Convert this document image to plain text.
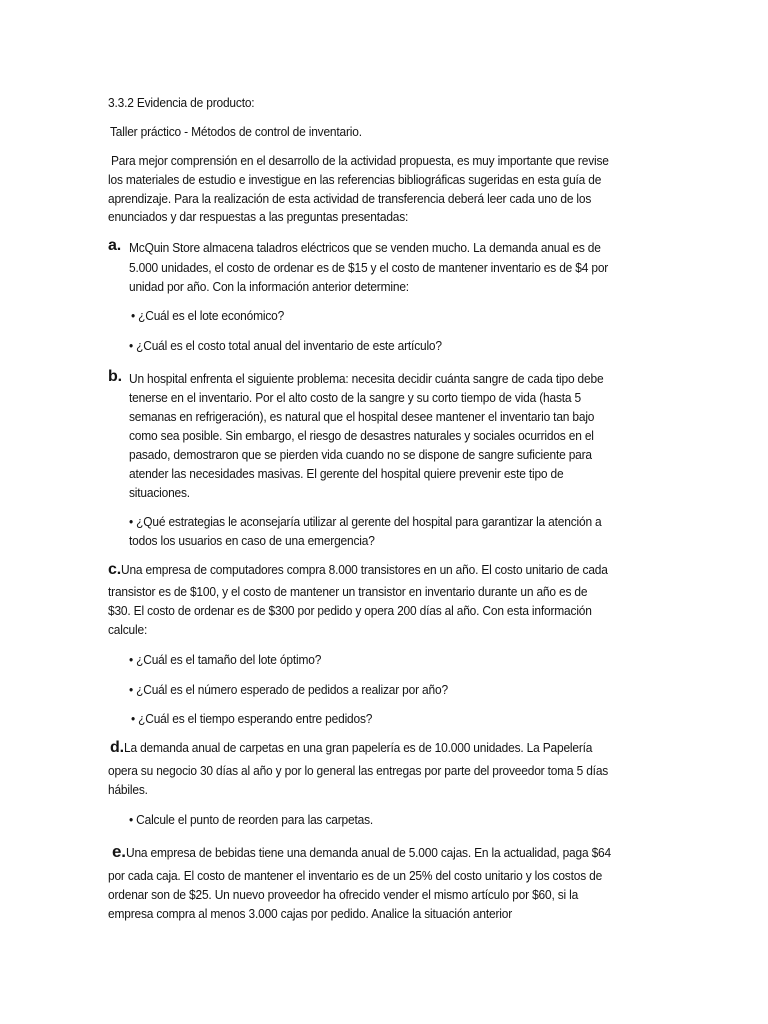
3.3.2 Evidencia de producto:

Taller práctico - Métodos de control de inventario.

Para mejor comprensión en el desarrollo de la actividad propuesta, es muy importante que revise

los materiales de estudio e investigue en las referencias bibliográficas sugeridas en esta guía de

aprendizaje. Para la realización de esta actividad de transferencia deberá leer cada uno de los

enunciados y dar respuestas a las preguntas presentadas:

a. McQuin Store almacena taladros eléctricos que se venden mucho. La demanda anual es de

5.000 unidades, el costo de ordenar es de $15 y el costo de mantener inventario es de $4 por

unidad por año. Con la información anterior determine:

• ¿Cuál es el lote económico?

• ¿Cuál es el costo total anual del inventario de este artículo?

b. Un hospital enfrenta el siguiente problema: necesita decidir cuánta sangre de cada tipo debe

tenerse en el inventario. Por el alto costo de la sangre y su corto tiempo de vida (hasta 5

semanas en refrigeración), es natural que el hospital desee mantener el inventario tan bajo

como sea posible. Sin embargo, el riesgo de desastres naturales y sociales ocurridos en el

pasado, demostraron que se pierden vida cuando no se dispone de sangre suficiente para

atender las necesidades masivas. El gerente del hospital quiere prevenir este tipo de

situaciones.

• ¿Qué estrategias le aconsejaría utilizar al gerente del hospital para garantizar la atención a

todos los usuarios en caso de una emergencia?

c.Una empresa de computadores compra 8.000 transistores en un año. El costo unitario de cada

transistor es de $100, y el costo de mantener un transistor en inventario durante un año es de

$30. El costo de ordenar es de $300 por pedido y opera 200 días al año. Con esta información

calcule:

• ¿Cuál es el tamaño del lote óptimo?

• ¿Cuál es el número esperado de pedidos a realizar por año?

• ¿Cuál es el tiempo esperando entre pedidos?

d.La demanda anual de carpetas en una gran papelería es de 10.000 unidades. La Papelería

opera su negocio 30 días al año y por lo general las entregas por parte del proveedor toma 5 días

hábiles.

• Calcule el punto de reorden para las carpetas.

e.Una empresa de bebidas tiene una demanda anual de 5.000 cajas. En la actualidad, paga $64

por cada caja. El costo de mantener el inventario es de un 25% del costo unitario y los costos de

ordenar son de $25. Un nuevo proveedor ha ofrecido vender el mismo artículo por $60, si la

empresa compra al menos 3.000 cajas por pedido. Analice la situación anterior
